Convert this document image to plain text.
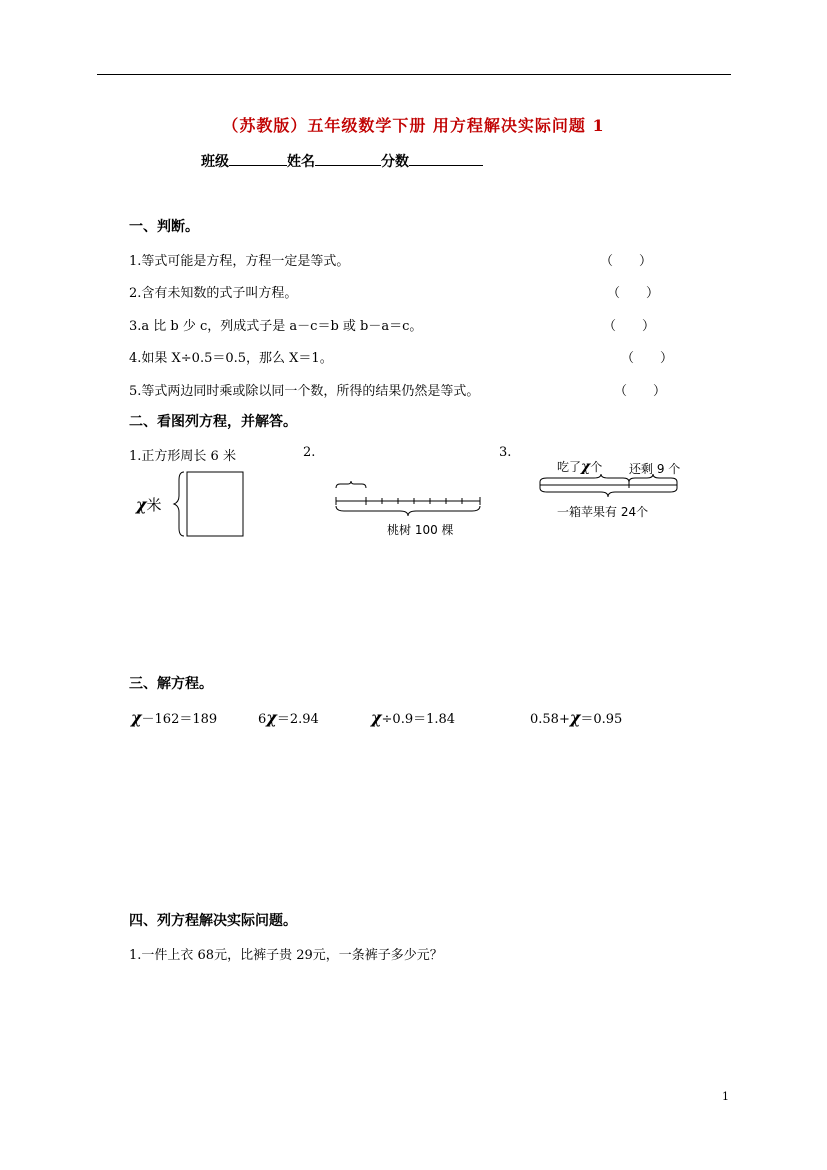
（苏教版）五年级数学下册 用方程解决实际问题 1
班级	姓名	分数
一、判断。
1.等式可能是方程，方程一定是等式。	（　　）
2.含有未知数的式子叫方程。	（　　）
3.a 比 b 少 c，列成式子是 a－c＝b 或 b－a＝c。	（　　）
4.如果 X÷0.5＝0.5，那么 X＝1。	（　　）
5.等式两边同时乘或除以同一个数，所得的结果仍然是等式。	（　　）
二、看图列方程，并解答。
1.正方形周长 6 米	2.	3.
χ米
桃树 100 棵
吃了χ个 还剩 9 个
一箱苹果有 24个
三、解方程。
χ－162＝189	6χ＝2.94	χ÷0.9＝1.84	0.58+χ＝0.95
四、列方程解决实际问题。
1.一件上衣 68元，比裤子贵 29元，一条裤子多少元？
1
